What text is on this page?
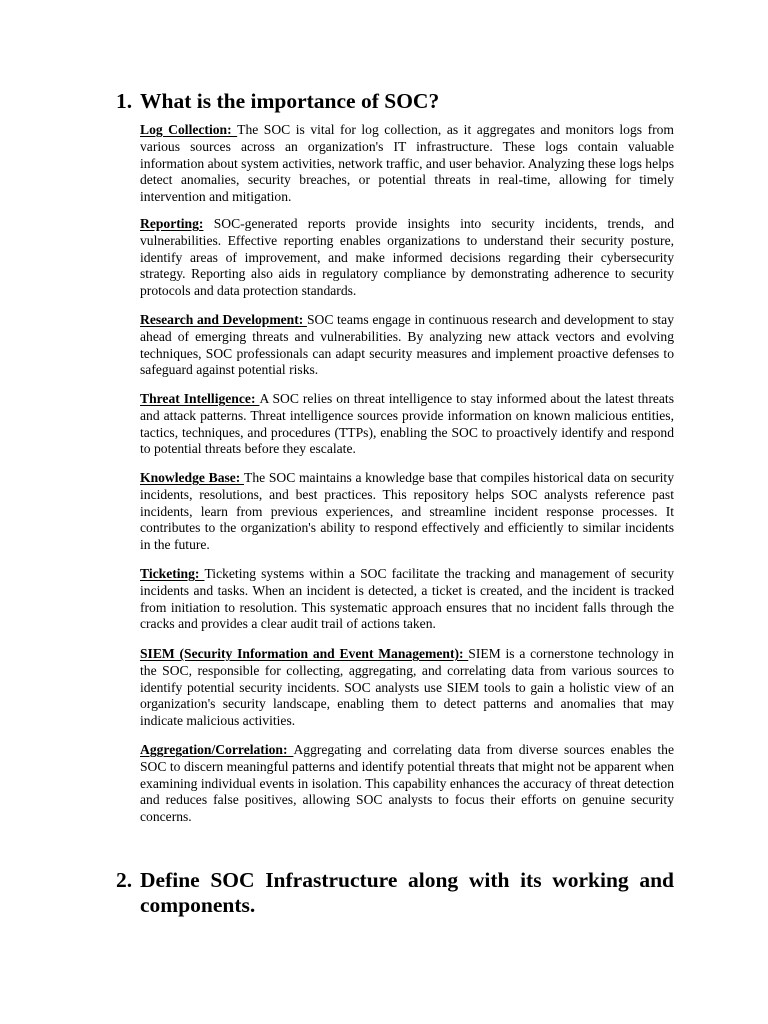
1. What is the importance of SOC?

Log Collection: The SOC is vital for log collection, as it aggregates and monitors logs from various sources across an organization's IT infrastructure. These logs contain valuable information about system activities, network traffic, and user behavior. Analyzing these logs helps detect anomalies, security breaches, or potential threats in real-time, allowing for timely intervention and mitigation.

Reporting: SOC-generated reports provide insights into security incidents, trends, and vulnerabilities. Effective reporting enables organizations to understand their security posture, identify areas of improvement, and make informed decisions regarding their cybersecurity strategy. Reporting also aids in regulatory compliance by demonstrating adherence to security protocols and data protection standards.

Research and Development: SOC teams engage in continuous research and development to stay ahead of emerging threats and vulnerabilities. By analyzing new attack vectors and evolving techniques, SOC professionals can adapt security measures and implement proactive defenses to safeguard against potential risks.

Threat Intelligence: A SOC relies on threat intelligence to stay informed about the latest threats and attack patterns. Threat intelligence sources provide information on known malicious entities, tactics, techniques, and procedures (TTPs), enabling the SOC to proactively identify and respond to potential threats before they escalate.

Knowledge Base: The SOC maintains a knowledge base that compiles historical data on security incidents, resolutions, and best practices. This repository helps SOC analysts reference past incidents, learn from previous experiences, and streamline incident response processes. It contributes to the organization's ability to respond effectively and efficiently to similar incidents in the future.

Ticketing: Ticketing systems within a SOC facilitate the tracking and management of security incidents and tasks. When an incident is detected, a ticket is created, and the incident is tracked from initiation to resolution. This systematic approach ensures that no incident falls through the cracks and provides a clear audit trail of actions taken.

SIEM (Security Information and Event Management): SIEM is a cornerstone technology in the SOC, responsible for collecting, aggregating, and correlating data from various sources to identify potential security incidents. SOC analysts use SIEM tools to gain a holistic view of an organization's security landscape, enabling them to detect patterns and anomalies that may indicate malicious activities.

Aggregation/Correlation: Aggregating and correlating data from diverse sources enables the SOC to discern meaningful patterns and identify potential threats that might not be apparent when examining individual events in isolation. This capability enhances the accuracy of threat detection and reduces false positives, allowing SOC analysts to focus their efforts on genuine security concerns.

2. Define SOC Infrastructure along with its working and components.
